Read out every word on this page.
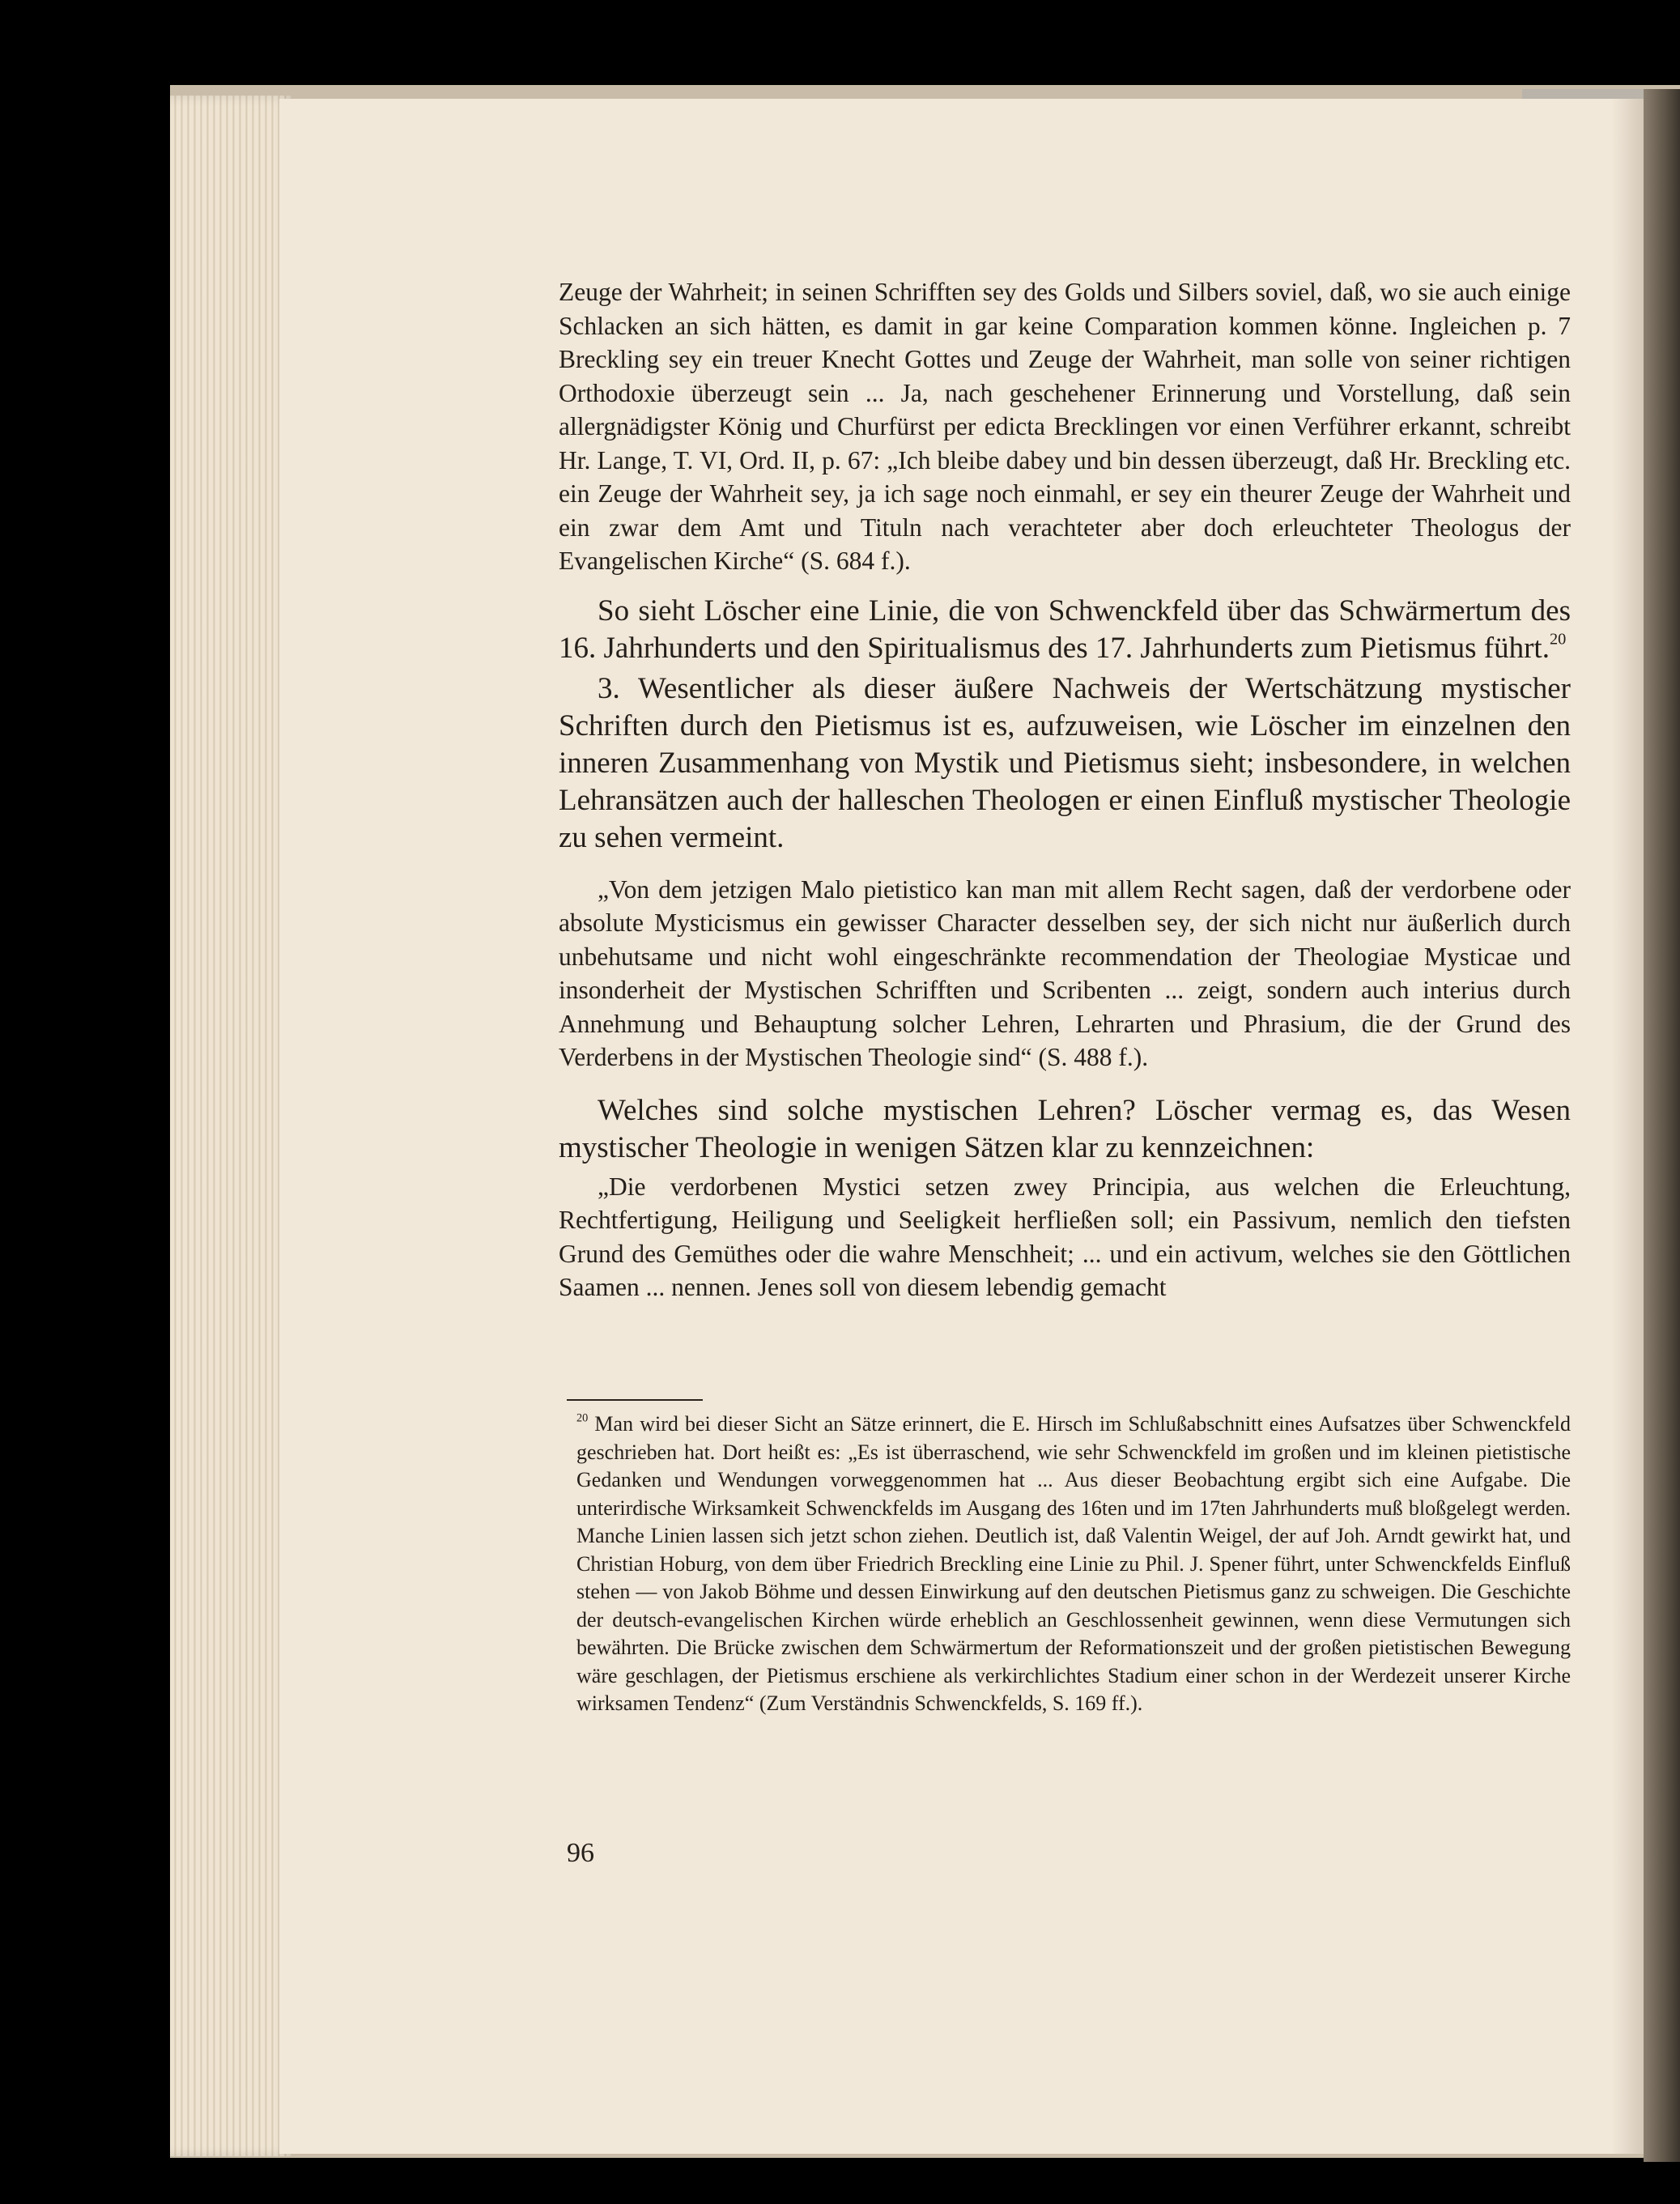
Zeuge der Wahrheit; in seinen Schrifften sey des Golds und Silbers soviel, daß, wo sie auch einige Schlacken an sich hätten, es damit in gar keine Comparation kommen könne. Ingleichen p. 7 Breckling sey ein treuer Knecht Gottes und Zeuge der Wahrheit, man solle von seiner richtigen Orthodoxie überzeugt sein ... Ja, nach geschehener Erinnerung und Vorstellung, daß sein allergnädigster König und Churfürst per edicta Brecklingen vor einen Verführer erkannt, schreibt Hr. Lange, T. VI, Ord. II, p. 67: „Ich bleibe dabey und bin dessen überzeugt, daß Hr. Breckling etc. ein Zeuge der Wahrheit sey, ja ich sage noch einmahl, er sey ein theurer Zeuge der Wahrheit und ein zwar dem Amt und Tituln nach verachteter aber doch erleuchteter Theologus der Evangelischen Kirche“ (S. 684 f.).

So sieht Löscher eine Linie, die von Schwenckfeld über das Schwärmertum des 16. Jahrhunderts und den Spiritualismus des 17. Jahrhunderts zum Pietismus führt.$^{20}$

3. Wesentlicher als dieser äußere Nachweis der Wertschätzung mystischer Schriften durch den Pietismus ist es, aufzuweisen, wie Löscher im einzelnen den inneren Zusammenhang von Mystik und Pietismus sieht; insbesondere, in welchen Lehransätzen auch der halleschen Theologen er einen Einfluß mystischer Theologie zu sehen vermeint.

„Von dem jetzigen Malo pietistico kan man mit allem Recht sagen, daß der verdorbene oder absolute Mysticismus ein gewisser Character desselben sey, der sich nicht nur äußerlich durch unbehutsame und nicht wohl eingeschränkte recommendation der Theologiae Mysticae und insonderheit der Mystischen Schrifften und Scribenten ... zeigt, sondern auch interius durch Annehmung und Behauptung solcher Lehren, Lehrarten und Phrasium, die der Grund des Verderbens in der Mystischen Theologie sind“ (S. 488 f.).

Welches sind solche mystischen Lehren? Löscher vermag es, das Wesen mystischer Theologie in wenigen Sätzen klar zu kennzeichnen:

„Die verdorbenen Mystici setzen zwey Principia, aus welchen die Erleuchtung, Rechtfertigung, Heiligung und Seeligkeit herfließen soll; ein Passivum, nemlich den tiefsten Grund des Gemüthes oder die wahre Menschheit; ... und ein activum, welches sie den Göttlichen Saamen ... nennen. Jenes soll von diesem lebendig gemacht

$^{20}$ Man wird bei dieser Sicht an Sätze erinnert, die E. Hirsch im Schlußabschnitt eines Aufsatzes über Schwenckfeld geschrieben hat. Dort heißt es: „Es ist überraschend, wie sehr Schwenckfeld im großen und im kleinen pietistische Gedanken und Wendungen vorweggenommen hat ... Aus dieser Beobachtung ergibt sich eine Aufgabe. Die unterirdische Wirksamkeit Schwenckfelds im Ausgang des 16ten und im 17ten Jahrhunderts muß bloßgelegt werden. Manche Linien lassen sich jetzt schon ziehen. Deutlich ist, daß Valentin Weigel, der auf Joh. Arndt gewirkt hat, und Christian Hoburg, von dem über Friedrich Breckling eine Linie zu Phil. J. Spener führt, unter Schwenckfelds Einfluß stehen — von Jakob Böhme und dessen Einwirkung auf den deutschen Pietismus ganz zu schweigen. Die Geschichte der deutsch-evangelischen Kirchen würde erheblich an Geschlossenheit gewinnen, wenn diese Vermutungen sich bewährten. Die Brücke zwischen dem Schwärmertum der Reformationszeit und der großen pietistischen Bewegung wäre geschlagen, der Pietismus erschiene als verkirchlichtes Stadium einer schon in der Werdezeit unserer Kirche wirksamen Tendenz“ (Zum Verständnis Schwenckfelds, S. 169 ff.).

96
